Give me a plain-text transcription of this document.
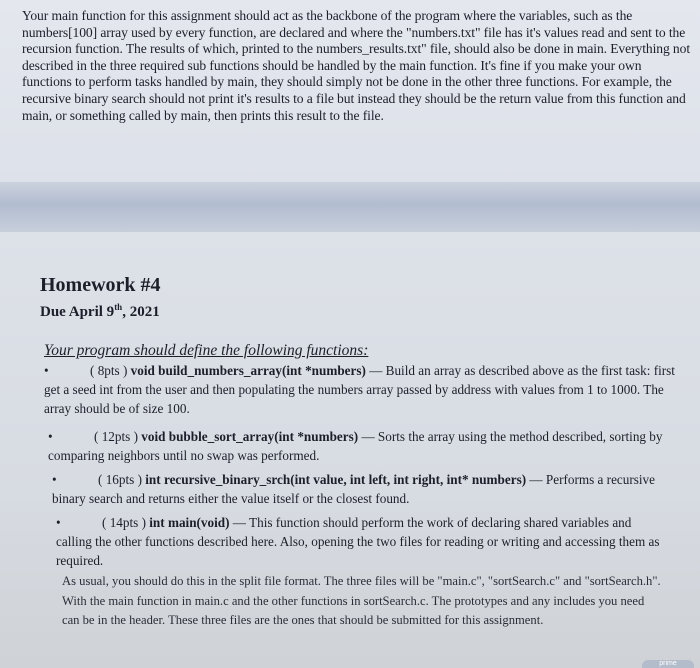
Your main function for this assignment should act as the backbone of the program where the variables, such as the numbers[100] array used by every function, are declared and where the "numbers.txt" file has it's values read and sent to the recursion function. The results of which, printed to the numbers_results.txt" file, should also be done in main. Everything not described in the three required sub functions should be handled by the main function. It's fine if you make your own functions to perform tasks handled by main, they should simply not be done in the other three functions. For example, the recursive binary search should not print it's results to a file but instead they should be the return value from this function and main, or something called by main, then prints this result to the file.

Homework #4

Due April 9th, 2021

Your program should define the following functions:

•	( 8pts ) void build_numbers_array(int *numbers) — Build an array as described above as the first task: first get a seed int from the user and then populating the numbers array passed by address with values from 1 to 1000. The array should be of size 100.

•	( 12pts ) void bubble_sort_array(int *numbers) — Sorts the array using the method described, sorting by comparing neighbors until no swap was performed.

•	( 16pts ) int recursive_binary_srch(int value, int left, int right, int* numbers) — Performs a recursive binary search and returns either the value itself or the closest found.

•	( 14pts ) int main(void) — This function should perform the work of declaring shared variables and calling the other functions described here. Also, opening the two files for reading or writing and accessing them as required.

As usual, you should do this in the split file format. The three files will be "main.c", "sortSearch.c" and "sortSearch.h". With the main function in main.c and the other functions in sortSearch.c. The prototypes and any includes you need can be in the header. These three files are the ones that should be submitted for this assignment.

prime
